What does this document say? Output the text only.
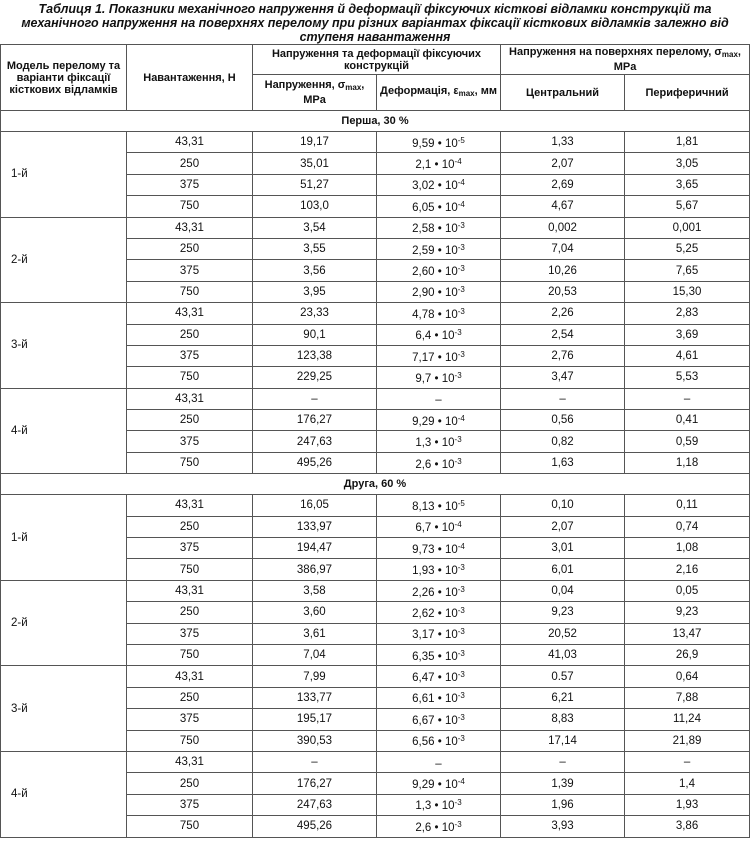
Таблиця 1. Показники механічного напруження й деформації фіксуючих кісткові відламки конструкцій та механічного напруження на поверхнях перелому при різних варіантах фіксації кісткових відламків залежно від ступеня навантаження
Модель перелому та варіанти фіксації кісткових відламків	Навантаження, Н	Напруження та деформації фіксуючих конструкцій		Напруження на поверхнях перелому, $\sigma_{max}$, MPa	
		Напруження, $\sigma_{max}$, MPa	Деформація, $\varepsilon_{max}$, мм	Центральний	Периферичний
Перша, 30 %					
1-й	43,31	19,17	9,59 • $10^{-5}$	1,33	1,81
	250	35,01	2,1 • $10^{-4}$	2,07	3,05
	375	51,27	3,02 • $10^{-4}$	2,69	3,65
	750	103,0	6,05 • $10^{-4}$	4,67	5,67
2-й	43,31	3,54	2,58 • $10^{-3}$	0,002	0,001
	250	3,55	2,59 • $10^{-3}$	7,04	5,25
	375	3,56	2,60 • $10^{-3}$	10,26	7,65
	750	3,95	2,90 • $10^{-3}$	20,53	15,30
3-й	43,31	23,33	4,78 • $10^{-3}$	2,26	2,83
	250	90,1	6,4 • $10^{-3}$	2,54	3,69
	375	123,38	7,17 • $10^{-3}$	2,76	4,61
	750	229,25	9,7 • $10^{-3}$	3,47	5,53
4-й	43,31	–	–	–	–
	250	176,27	9,29 • $10^{-4}$	0,56	0,41
	375	247,63	1,3 • $10^{-3}$	0,82	0,59
	750	495,26	2,6 • $10^{-3}$	1,63	1,18
Друга, 60 %					
1-й	43,31	16,05	8,13 • $10^{-5}$	0,10	0,11
	250	133,97	6,7 • $10^{-4}$	2,07	0,74
	375	194,47	9,73 • $10^{-4}$	3,01	1,08
	750	386,97	1,93 • $10^{-3}$	6,01	2,16
2-й	43,31	3,58	2,26 • $10^{-3}$	0,04	0,05
	250	3,60	2,62 • $10^{-3}$	9,23	9,23
	375	3,61	3,17 • $10^{-3}$	20,52	13,47
	750	7,04	6,35 • $10^{-3}$	41,03	26,9
3-й	43,31	7,99	6,47 • $10^{-3}$	0.57	0,64
	250	133,77	6,61 • $10^{-3}$	6,21	7,88
	375	195,17	6,67 • $10^{-3}$	8,83	11,24
	750	390,53	6,56 • $10^{-3}$	17,14	21,89
4-й	43,31	–	–	–	–
	250	176,27	9,29 • $10^{-4}$	1,39	1,4
	375	247,63	1,3 • $10^{-3}$	1,96	1,93
	750	495,26	2,6 • $10^{-3}$	3,93	3,86
